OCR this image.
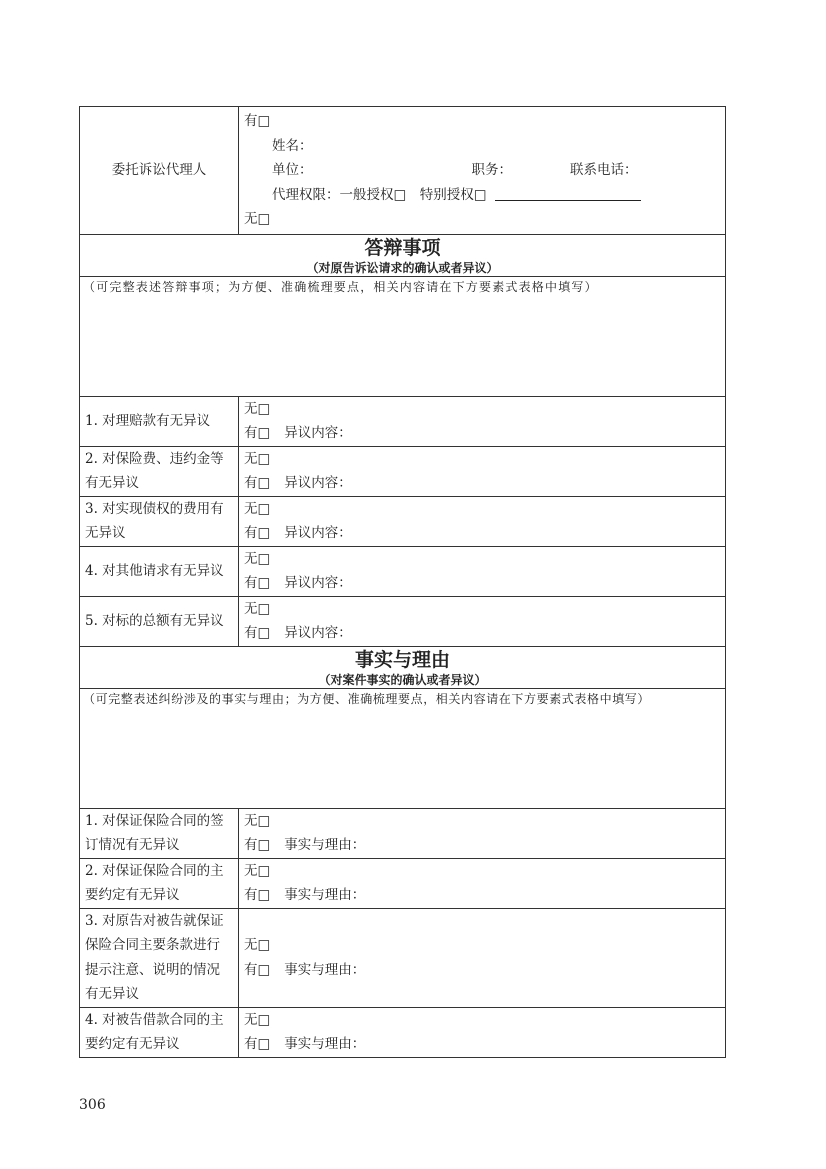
委托诉讼代理人	有□
姓名：
单位： 职务： 联系电话：
代理权限：一般授权□　特别授权□
无□

答辩事项
（对原告诉讼请求的确认或者异议）	

（可完整表述答辩事项；为方便、准确梳理要点，相关内容请在下方要素式表格中填写）	
1. 对理赔款有无异议	无□
有□ 异议内容：

2. 对保险费、违约金等有无异议	无□
有□ 异议内容：

3. 对实现债权的费用有无异议	无□
有□ 异议内容：

4. 对其他请求有无异议	无□
有□ 异议内容：

5. 对标的总额有无异议	无□
有□ 异议内容：

事实与理由
（对案件事实的确认或者异议）	

（可完整表述纠纷涉及的事实与理由；为方便、准确梳理要点，相关内容请在下方要素式表格中填写）	
1. 对保证保险合同的签订情况有无异议	无□
有□ 事实与理由：

2. 对保证保险合同的主要约定有无异议	无□
有□ 事实与理由：

3. 对原告对被告就保证保险合同主要条款进行提示注意、说明的情况有无异议	无□
有□ 事实与理由：

4. 对被告借款合同的主要约定有无异议	无□
有□ 事实与理由：
306
